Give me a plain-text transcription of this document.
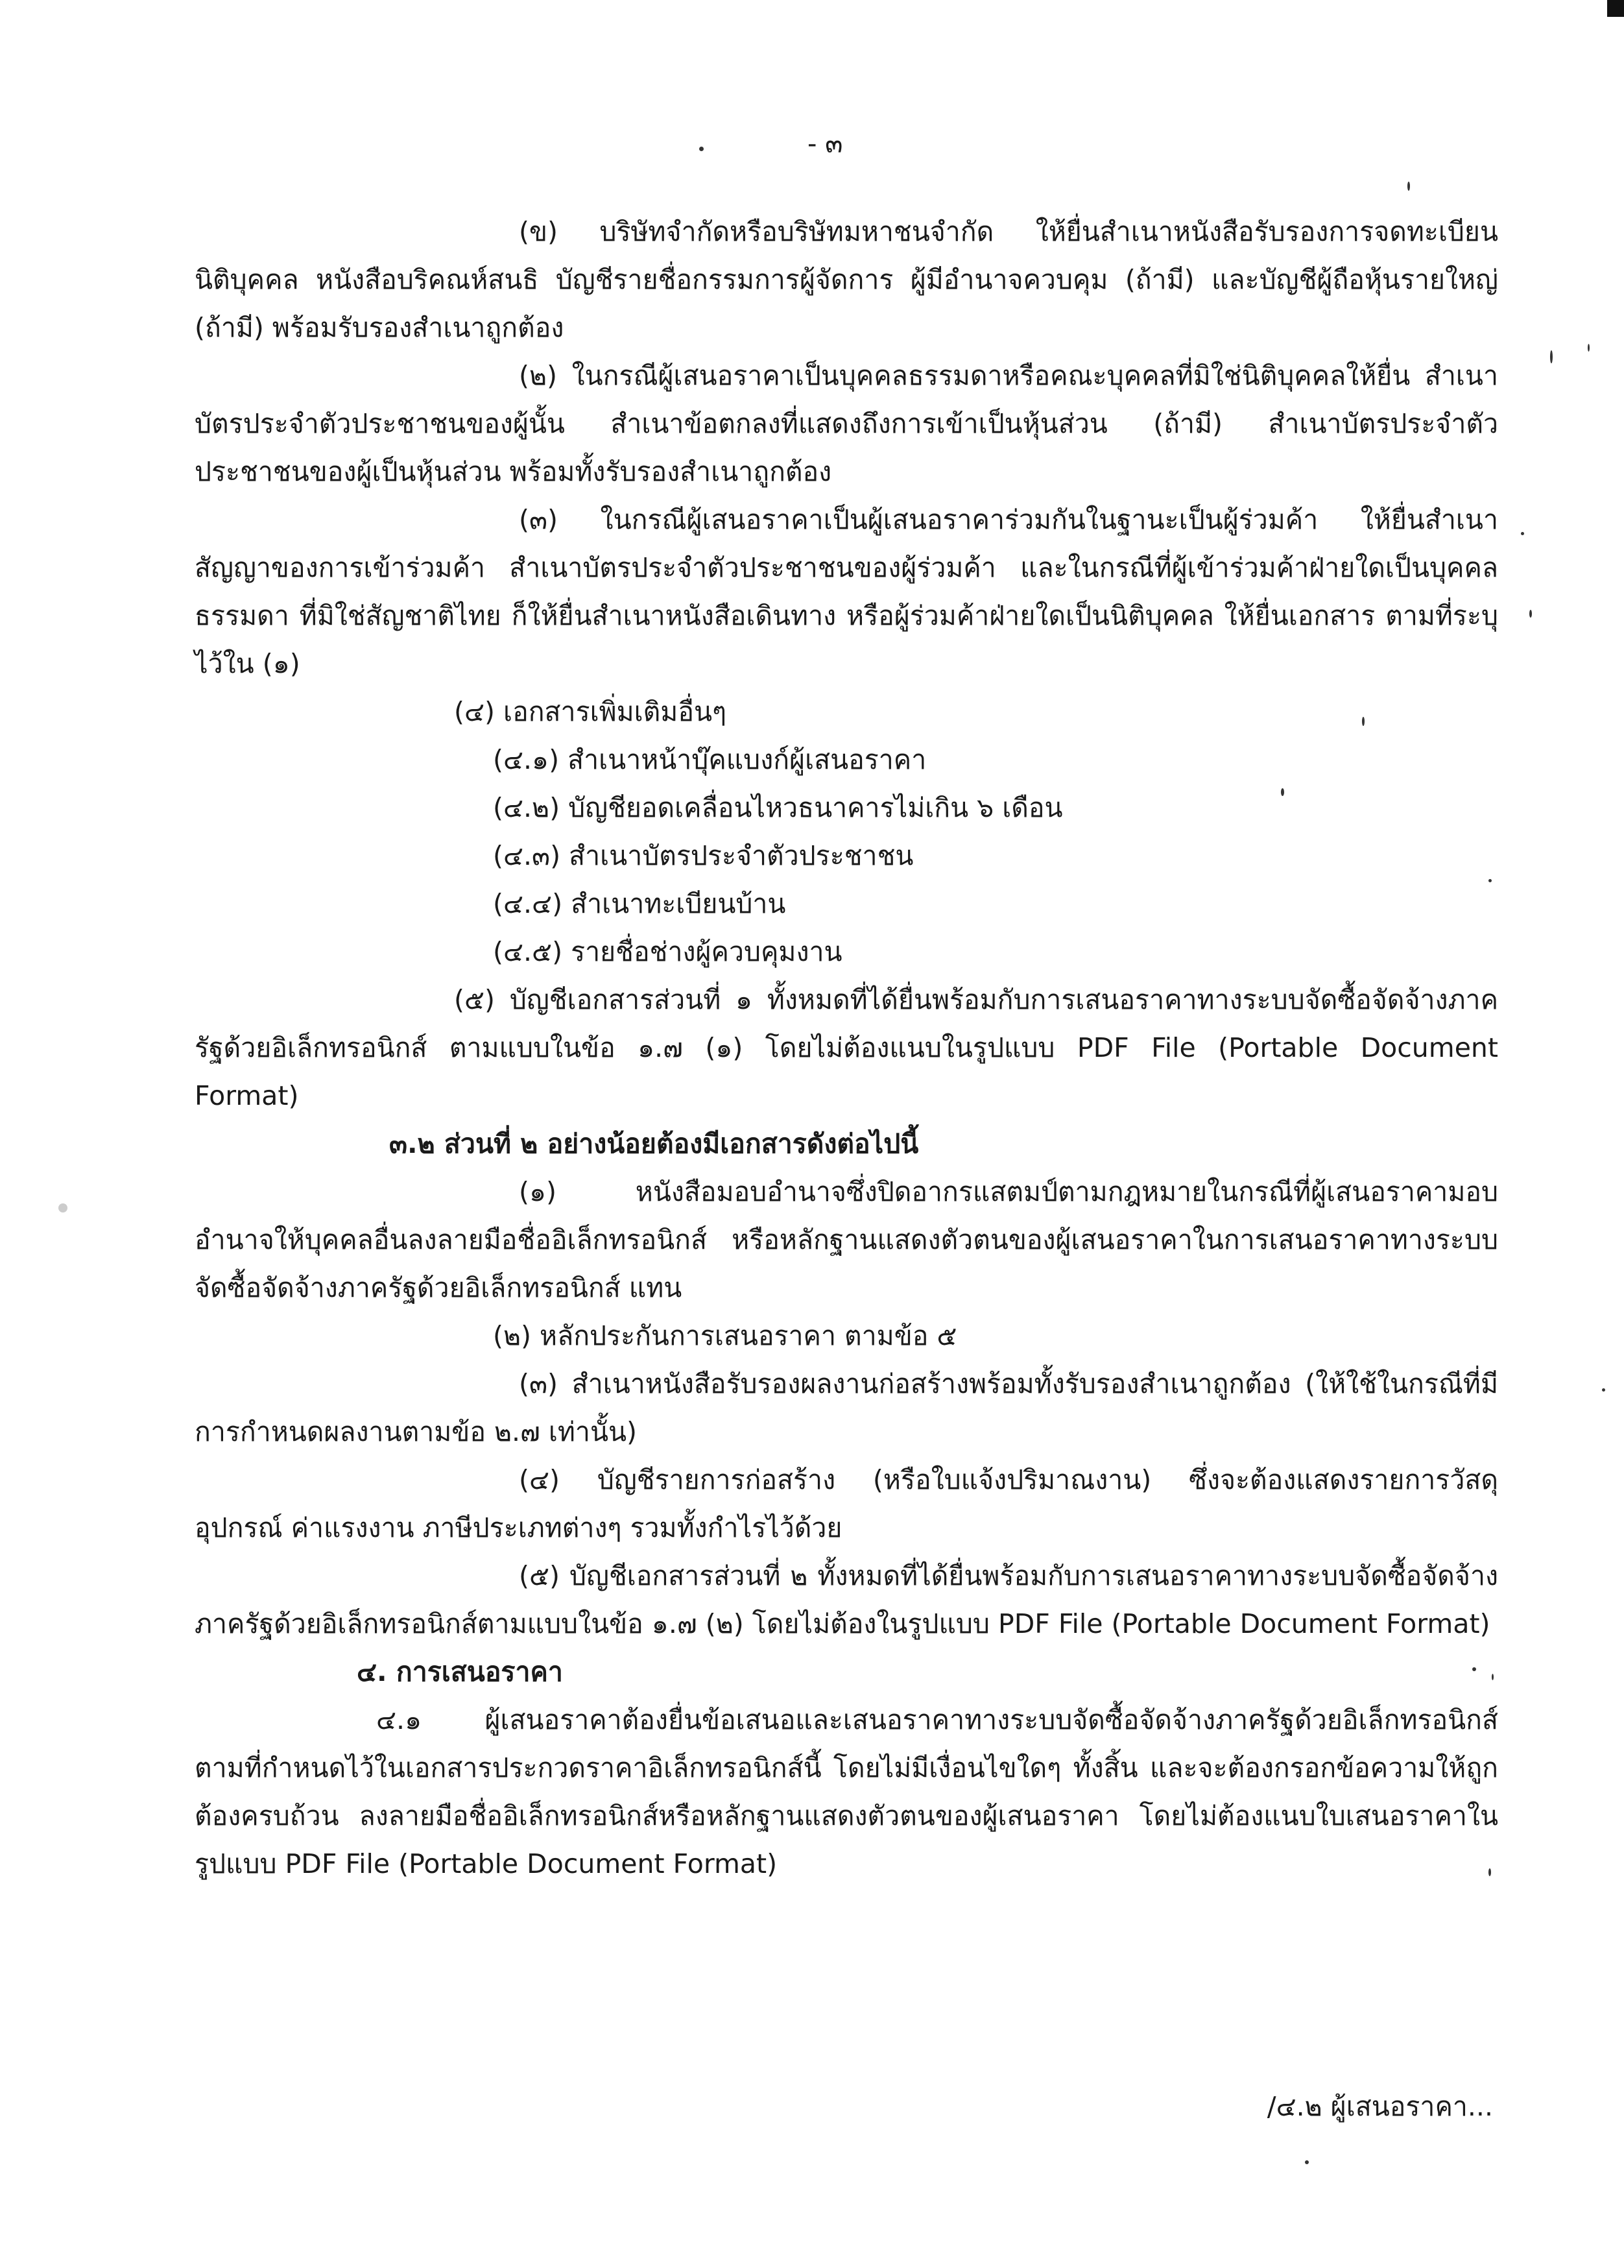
- ๓

(ข) บริษัทจำกัดหรือบริษัทมหาชนจำกัด ให้ยื่นสำเนาหนังสือรับรองการจดทะเบียนนิติบุคคล หนังสือบริคณห์สนธิ บัญชีรายชื่อกรรมการผู้จัดการ ผู้มีอำนาจควบคุม (ถ้ามี) และบัญชีผู้ถือหุ้นรายใหญ่ (ถ้ามี) พร้อมรับรองสำเนาถูกต้อง

(๒) ในกรณีผู้เสนอราคาเป็นบุคคลธรรมดาหรือคณะบุคคลที่มิใช่นิติบุคคลให้ยื่น สำเนาบัตรประจำตัวประชาชนของผู้นั้น สำเนาข้อตกลงที่แสดงถึงการเข้าเป็นหุ้นส่วน (ถ้ามี) สำเนาบัตรประจำตัวประชาชนของผู้เป็นหุ้นส่วน พร้อมทั้งรับรองสำเนาถูกต้อง

(๓) ในกรณีผู้เสนอราคาเป็นผู้เสนอราคาร่วมกันในฐานะเป็นผู้ร่วมค้า ให้ยื่นสำเนาสัญญาของการเข้าร่วมค้า สำเนาบัตรประจำตัวประชาชนของผู้ร่วมค้า และในกรณีที่ผู้เข้าร่วมค้าฝ่ายใดเป็นบุคคลธรรมดา ที่มิใช่สัญชาติไทย ก็ให้ยื่นสำเนาหนังสือเดินทาง หรือผู้ร่วมค้าฝ่ายใดเป็นนิติบุคคล ให้ยื่นเอกสาร ตามที่ระบุไว้ใน (๑)

(๔) เอกสารเพิ่มเติมอื่นๆ

(๔.๑) สำเนาหน้าบุ๊คแบงก์ผู้เสนอราคา

(๔.๒) บัญชียอดเคลื่อนไหวธนาคารไม่เกิน ๖ เดือน

(๔.๓) สำเนาบัตรประจำตัวประชาชน

(๔.๔) สำเนาทะเบียนบ้าน

(๔.๕) รายชื่อช่างผู้ควบคุมงาน

(๕) บัญชีเอกสารส่วนที่ ๑ ทั้งหมดที่ได้ยื่นพร้อมกับการเสนอราคาทางระบบจัดซื้อจัดจ้างภาครัฐด้วยอิเล็กทรอนิกส์ ตามแบบในข้อ ๑.๗ (๑) โดยไม่ต้องแนบในรูปแบบ PDF File (Portable Document Format)

๓.๒ ส่วนที่ ๒ อย่างน้อยต้องมีเอกสารดังต่อไปนี้

(๑) หนังสือมอบอำนาจซึ่งปิดอากรแสตมป์ตามกฎหมายในกรณีที่ผู้เสนอราคามอบอำนาจให้บุคคลอื่นลงลายมือชื่ออิเล็กทรอนิกส์ หรือหลักฐานแสดงตัวตนของผู้เสนอราคาในการเสนอราคาทางระบบจัดซื้อจัดจ้างภาครัฐด้วยอิเล็กทรอนิกส์ แทน

(๒) หลักประกันการเสนอราคา ตามข้อ ๕

(๓) สำเนาหนังสือรับรองผลงานก่อสร้างพร้อมทั้งรับรองสำเนาถูกต้อง (ให้ใช้ในกรณีที่มีการกำหนดผลงานตามข้อ ๒.๗ เท่านั้น)

(๔) บัญชีรายการก่อสร้าง (หรือใบแจ้งปริมาณงาน) ซึ่งจะต้องแสดงรายการวัสดุอุปกรณ์ ค่าแรงงาน ภาษีประเภทต่างๆ รวมทั้งกำไรไว้ด้วย

(๕) บัญชีเอกสารส่วนที่ ๒ ทั้งหมดที่ได้ยื่นพร้อมกับการเสนอราคาทางระบบจัดซื้อจัดจ้างภาครัฐด้วยอิเล็กทรอนิกส์ตามแบบในข้อ ๑.๗ (๒) โดยไม่ต้องในรูปแบบ PDF File (Portable Document Format)

๔. การเสนอราคา

๔.๑ ผู้เสนอราคาต้องยื่นข้อเสนอและเสนอราคาทางระบบจัดซื้อจัดจ้างภาครัฐด้วยอิเล็กทรอนิกส์ ตามที่กำหนดไว้ในเอกสารประกวดราคาอิเล็กทรอนิกส์นี้ โดยไม่มีเงื่อนไขใดๆ ทั้งสิ้น และจะต้องกรอกข้อความให้ถูกต้องครบถ้วน ลงลายมือชื่ออิเล็กทรอนิกส์หรือหลักฐานแสดงตัวตนของผู้เสนอราคา โดยไม่ต้องแนบใบเสนอราคาในรูปแบบ PDF File (Portable Document Format)

/๔.๒ ผู้เสนอราคา...
